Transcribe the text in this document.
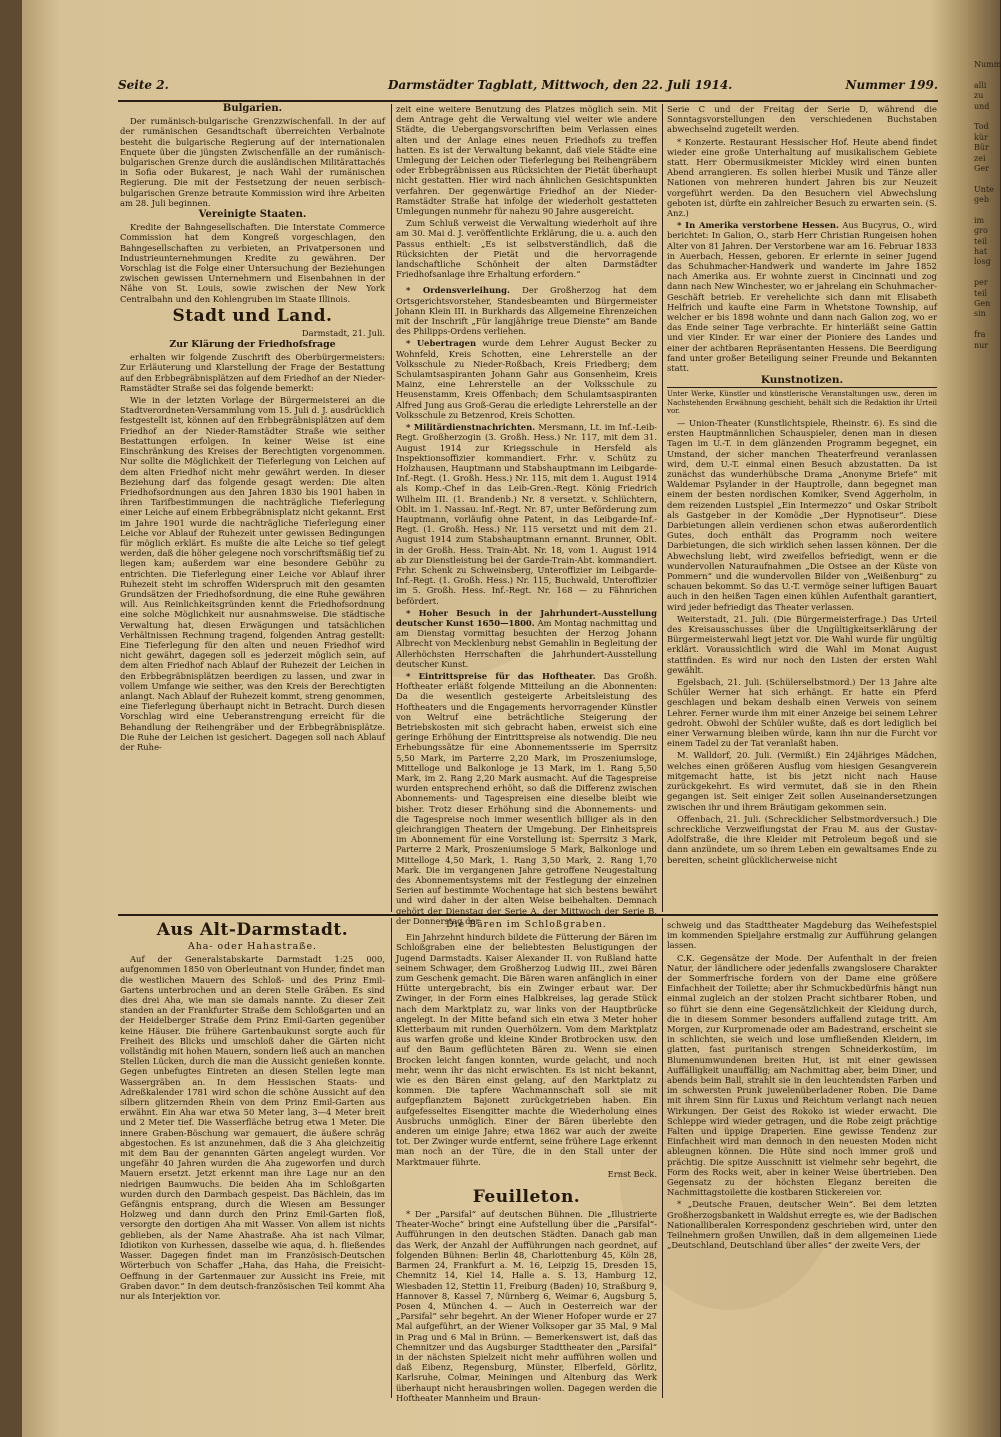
Seite 2.	Darmstädter Tagblatt, Mittwoch, den 22. Juli 1914.	Nummer 199.

Bulgarien.

Der rumänisch-bulgarische Grenzzwischenfall. In der auf der rumänischen Gesandtschaft überreichten Verbalnote besteht die bulgarische Regierung auf der internationalen Enquete über die jüngsten Zwischenfälle an der rumänisch-bulgarischen Grenze durch die ausländischen Militärattachés in Sofia oder Bukarest, je nach Wahl der rumänischen Regierung. Die mit der Festsetzung der neuen serbisch-bulgarischen Grenze betraute Kommission wird ihre Arbeiten am 28. Juli beginnen.

Vereinigte Staaten.

Kredite der Bahngesellschaften. Die Interstate Commerce Commission hat dem Kongreß vorgeschlagen, den Bahngesellschaften zu verbieten, an Privatpersonen und Industrieunternehmungen Kredite zu gewähren. Der Vorschlag ist die Folge einer Untersuchung der Beziehungen zwischen gewissen Unternehmern und Eisenbahnen in der Nähe von St. Louis, sowie zwischen der New York Centralbahn und den Kohlengruben im Staate Illinois.

Stadt und Land.

Darmstadt, 21. Juli.

Zur Klärung der Friedhofsfrage

erhalten wir folgende Zuschrift des Oberbürgermeisters: Zur Erläuterung und Klarstellung der Frage der Bestattung auf den Erbbegräbnisplätzen auf dem Friedhof an der Nieder-Ramstädter Straße sei das folgende bemerkt:

Wie in der letzten Vorlage der Bürgermeisterei an die Stadtverordneten-Versammlung vom 15. Juli d. J. ausdrücklich festgestellt ist, können auf den Erbbegräbnisplätzen auf dem Friedhof an der Nieder-Ramstädter Straße wie seither Bestattungen erfolgen. In keiner Weise ist eine Einschränkung des Kreises der Berechtigten vorgenommen. Nur sollte die Möglichkeit der Tieferlegung von Leichen auf dem alten Friedhof nicht mehr gewährt werden. In dieser Beziehung darf das folgende gesagt werden: Die alten Friedhofsordnungen aus den Jahren 1830 bis 1901 haben in ihren Tarifbestimmungen die nachträgliche Tieferlegung einer Leiche auf einem Erbbegräbnisplatz nicht gekannt. Erst im Jahre 1901 wurde die nachträgliche Tieferlegung einer Leiche vor Ablauf der Ruhezeit unter gewissen Bedingungen für möglich erklärt. Es mußte die alte Leiche so tief gelegt werden, daß die höher gelegene noch vorschriftsmäßig tief zu liegen kam; außerdem war eine besondere Gebühr zu entrichten. Die Tieferlegung einer Leiche vor Ablauf ihrer Ruhezeit steht im schroffen Widerspruch mit den gesamten Grundsätzen der Friedhofsordnung, die eine Ruhe gewähren will. Aus Reinlichkeitsgründen kennt die Friedhofsordnung eine solche Möglichkeit nur ausnahmsweise. Die städtische Verwaltung hat, diesen Erwägungen und tatsächlichen Verhältnissen Rechnung tragend, folgenden Antrag gestellt: Eine Tieferlegung für den alten und neuen Friedhof wird nicht gewährt, dagegen soll es jederzeit möglich sein, auf dem alten Friedhof nach Ablauf der Ruhezeit der Leichen in den Erbbegräbnisplätzen beerdigen zu lassen, und zwar in vollem Umfange wie seither, was den Kreis der Berechtigten anlangt. Nach Ablauf der Ruhezeit kommt, streng genommen, eine Tieferlegung überhaupt nicht in Betracht. Durch diesen Vorschlag wird eine Ueberanstrengung erreicht für die Behandlung der Reihengräber und der Erbbegräbnisplätze. Die Ruhe der Leichen ist gesichert. Dagegen soll nach Ablauf der Ruhe-

zeit eine weitere Benutzung des Platzes möglich sein. Mit dem Antrage geht die Verwaltung viel weiter wie andere Städte, die Uebergangsvorschriften beim Verlassen eines alten und der Anlage eines neuen Friedhofs zu treffen hatten. Es ist der Verwaltung bekannt, daß viele Städte eine Umlegung der Leichen oder Tieferlegung bei Reihengräbern oder Erbbegräbnissen aus Rücksichten der Pietät überhaupt nicht gestatten. Hier wird nach ähnlichen Gesichtspunkten verfahren. Der gegenwärtige Friedhof an der Nieder-Ramstädter Straße hat infolge der wiederholt gestatteten Umlegungen nunmehr für nahezu 90 Jahre ausgereicht.

Zum Schluß verweist die Verwaltung wiederholt auf ihre am 30. Mai d. J. veröffentlichte Erklärung, die u. a. auch den Passus enthielt: „Es ist selbstverständlich, daß die Rücksichten der Pietät und die hervorragende landschaftliche Schönheit der alten Darmstädter Friedhofsanlage ihre Erhaltung erfordern.“

* Ordensverleihung. Der Großherzog hat dem Ortsgerichtsvorsteher, Standesbeamten und Bürgermeister Johann Klein III. in Burkhards das Allgemeine Ehrenzeichen mit der Inschrift „Für langjährige treue Dienste“ am Bande des Philipps-Ordens verliehen.

* Uebertragen wurde dem Lehrer August Becker zu Wohnfeld, Kreis Schotten, eine Lehrerstelle an der Volksschule zu Nieder-Roßbach, Kreis Friedberg; dem Schulamtsaspiranten Johann Gahr aus Gonsenheim, Kreis Mainz, eine Lehrerstelle an der Volksschule zu Heusenstamm, Kreis Offenbach; dem Schulamtsaspiranten Alfred Jung aus Groß-Gerau die erledigte Lehrerstelle an der Volksschule zu Betzenrod, Kreis Schotten.

* Militärdienstnachrichten. Mersmann, Lt. im Inf.-Leib-Regt. Großherzogin (3. Großh. Hess.) Nr. 117, mit dem 31. August 1914 zur Kriegsschule in Hersfeld als Inspektionsoffizier kommandiert. Frhr. v. Schütz zu Holzhausen, Hauptmann und Stabshauptmann im Leibgarde-Inf.-Regt. (1. Großh. Hess.) Nr. 115, mit dem 1. August 1914 als Komp.-Chef in das Leib-Gren.-Regt. König Friedrich Wilhelm III. (1. Brandenb.) Nr. 8 versetzt. v. Schlüchtern, Oblt. im 1. Nassau. Inf.-Regt. Nr. 87, unter Beförderung zum Hauptmann, vorläufig ohne Patent, in das Leibgarde-Inf.-Regt. (1. Großh. Hess.) Nr. 115 versetzt und mit dem 21. August 1914 zum Stabshauptmann ernannt. Brunner, Oblt. in der Großh. Hess. Train-Abt. Nr. 18, vom 1. August 1914 ab zur Dienstleistung bei der Garde-Train-Abt. kommandiert. Frhr. Schenk zu Schweinsberg, Unteroffizier im Leibgarde-Inf.-Regt. (1. Großh. Hess.) Nr. 115, Buchwald, Unteroffizier im 5. Großh. Hess. Inf.-Regt. Nr. 168 — zu Fähnrichen befördert.

* Hoher Besuch in der Jahrhundert-Ausstellung deutscher Kunst 1650—1800. Am Montag nachmittag und am Dienstag vormittag besuchten der Herzog Johann Albrecht von Mecklenburg nebst Gemahlin in Begleitung der Allerhöchsten Herrschaften die Jahrhundert-Ausstellung deutscher Kunst.

* Eintrittspreise für das Hoftheater. Das Großh. Hoftheater erläßt folgende Mitteilung an die Abonnenten: Da die wesentlich gesteigerte Arbeitsleistung des Hoftheaters und die Engagements hervorragender Künstler von Weltruf eine beträchtliche Steigerung der Betriebskosten mit sich gebracht haben, erweist sich eine geringe Erhöhung der Eintrittspreise als notwendig. Die neu Erhebungssätze für eine Abonnementsserie im Sperrsitz 5,50 Mark, im Parterre 2,20 Mark, im Proszeniumsloge, Mittelloge und Balkonloge je 13 Mark, im 1. Rang 5,50 Mark, im 2. Rang 2,20 Mark ausmacht. Auf die Tagespreise wurden entsprechend erhöht, so daß die Differenz zwischen Abonnements- und Tagespreisen eine dieselbe bleibt wie bisher. Trotz dieser Erhöhung sind die Abonnements- und die Tagespreise noch immer wesentlich billiger als in den gleichrangigen Theatern der Umgebung. Der Einheitspreis im Abonnement für eine Vorstellung ist: Sperrsitz 3 Mark, Parterre 2 Mark, Proszeniumsloge 5 Mark, Balkonloge und Mittelloge 4,50 Mark, 1. Rang 3,50 Mark, 2. Rang 1,70 Mark. Die im vergangenen Jahre getroffene Neugestaltung des Abonnementsystems mit der Festlegung der einzelnen Serien auf bestimmte Wochentage hat sich bestens bewährt und wird daher in der alten Weise beibehalten. Demnach gehört der Dienstag der Serie A, der Mittwoch der Serie B, der Donnerstag der

Serie C und der Freitag der Serie D, während die Sonntagsvorstellungen den verschiedenen Buchstaben abwechselnd zugeteilt werden.

* Konzerte. Restaurant Hessischer Hof. Heute abend findet wieder eine große Unterhaltung auf musikalischem Gebiete statt. Herr Obermusikmeister Mickley wird einen bunten Abend arrangieren. Es sollen hierbei Musik und Tänze aller Nationen von mehreren hundert Jahren bis zur Neuzeit vorgeführt werden. Da den Besuchern viel Abwechslung geboten ist, dürfte ein zahlreicher Besuch zu erwarten sein. (S. Anz.)

* In Amerika verstorbene Hessen. Aus Bucyrus, O., wird berichtet: In Galion, O., starb Herr Christian Rungeisen hohen Alter von 81 Jahren. Der Verstorbene war am 16. Februar 1833 in Auerbach, Hessen, geboren. Er erlernte in seiner Jugend das Schuhmacher-Handwerk und wanderte im Jahre 1852 nach Amerika aus. Er wohnte zuerst in Cincinnati und zog dann nach New Winchester, wo er jahrelang ein Schuhmacher-Geschäft betrieb. Er verehelichte sich dann mit Elisabeth Helfrich und kaufte eine Farm in Whetstone Township, auf welcher er bis 1898 wohnte und dann nach Galion zog, wo er das Ende seiner Tage verbrachte. Er hinterläßt seine Gattin und vier Kinder. Er war einer der Pioniere des Landes und einer der achtbaren Repräsentanten Hessens. Die Beerdigung fand unter großer Beteiligung seiner Freunde und Bekannten statt.

Kunstnotizen.

Unter Werke, Künstler und künstlerische Veranstaltungen usw., deren im Nachstehenden Erwähnung geschieht, behält sich die Redaktion ihr Urteil vor.

— Union-Theater (Kunstlichtspiele, Rheinstr. 6). Es sind die ersten Hauptmännlichen Schauspieler, denen man in diesen Tagen im U.-T. in dem glänzenden Programm begegnet, ein Umstand, der sicher manchen Theaterfreund veranlassen wird, dem U.-T. einmal einen Besuch abzustatten. Da ist zunächst das wunderhübsche Drama „Anonyme Briefe“ mit Waldemar Psylander in der Hauptrolle, dann begegnet man einem der besten nordischen Komiker, Svend Aggerholm, in dem reizenden Lustspiel „Ein Intermezzo“ und Oskar Stribolt als Gastgeber in der Komödie „Der Hypnotiseur“. Diese Darbietungen allein verdienen schon etwas außerordentlich Gutes, doch enthält das Programm noch weitere Darbietungen, die sich wirklich sehen lassen können. Der die Abwechslung liebt, wird zweifellos befriedigt, wenn er die wundervollen Naturaufnahmen „Die Ostsee an der Küste von Pommern“ und die wundervollen Bilder von „Weißenburg“ zu schauen bekommt. So das U.-T. vermöge seiner luftigen Bauart auch in den heißen Tagen einen kühlen Aufenthalt garantiert, wird jeder befriedigt das Theater verlassen.

Weiterstadt, 21. Juli. (Die Bürgermeisterfrage.) Das Urteil des Kreisausschusses über die Ungültigkeitserklärung der Bürgermeisterwahl liegt jetzt vor. Die Wahl wurde für ungültig erklärt. Voraussichtlich wird die Wahl im Monat August stattfinden. Es wird nur noch den Listen der ersten Wahl gewählt.

Egelsbach, 21. Juli. (Schülerselbstmord.) Der 13 Jahre alte Schüler Werner hat sich erhängt. Er hatte ein Pferd geschlagen und bekam deshalb einen Verweis von seinem Lehrer. Ferner wurde ihm mit einer Anzeige bei seinem Lehrer gedroht. Obwohl der Schüler wußte, daß es dort lediglich bei einer Verwarnung bleiben würde, kann ihn nur die Furcht vor einem Tadel zu der Tat veranlaßt haben.

M. Walldorf, 20. Juli. (Vermißt.) Ein 24jähriges Mädchen, welches einen größeren Ausflug vom hiesigen Gesangverein mitgemacht hatte, ist bis jetzt nicht nach Hause zurückgekehrt. Es wird vermutet, daß sie in den Rhein gegangen ist. Seit einiger Zeit sollen Auseinandersetzungen zwischen ihr und ihrem Bräutigam gekommen sein.

Offenbach, 21. Juli. (Schrecklicher Selbstmordversuch.) Die schreckliche Verzweiflungstat der Frau M. aus der Gustav-Adolfstraße, die ihre Kleider mit Petroleum begoß und sie dann anzündete, um so ihrem Leben ein gewaltsames Ende zu bereiten, scheint glücklicherweise nicht

Aus Alt-Darmstadt.

Aha- oder Hahastraße.

Auf der Generalstabskarte Darmstadt 1:25 000, aufgenommen 1850 von Oberleutnant von Hunder, findet man die westlichen Mauern des Schloß- und des Prinz Emil-Gartens unterbrochen und an deren Stelle Gräben. Es sind dies drei Aha, wie man sie damals nannte. Zu dieser Zeit standen an der Frankfurter Straße dem Schloßgarten und an der Heidelberger Straße dem Prinz Emil-Garten gegenüber keine Häuser. Die frühere Gartenbaukunst sorgte auch für Freiheit des Blicks und umschloß daher die Gärten nicht vollständig mit hohen Mauern, sondern ließ auch an manchen Stellen Lücken, durch die man die Aussicht genießen konnte. Gegen unbefugtes Eintreten an diesen Stellen legte man Wassergräben an. In dem Hessischen Staats- und Adreßkalender 1781 wird schon die schöne Aussicht auf den silbern glitzernden Rhein von dem Prinz Emil-Garten aus erwähnt. Ein Aha war etwa 50 Meter lang, 3—4 Meter breit und 2 Meter tief. Die Wasserfläche betrug etwa 1 Meter. Die innere Graben-Böschung war gemauert, die äußere schräg abgestochen. Es ist anzunehmen, daß die 3 Aha gleichzeitig mit dem Bau der genannten Gärten angelegt wurden. Vor ungefähr 40 Jahren wurden die Aha zugeworfen und durch Mauern ersetzt. Jetzt erkennt man ihre Lage nur an den niedrigen Baumwuchs. Die beiden Aha im Schloßgarten wurden durch den Darmbach gespeist. Das Bächlein, das im Gefängnis entsprang, durch die Wiesen am Bessunger Holzweg und dann durch den Prinz Emil-Garten floß, versorgte den dortigen Aha mit Wasser. Von allem ist nichts geblieben, als der Name Ahastraße. Aha ist nach Vilmar, Idiotikon von Kurhessen, dasselbe wie aqua, d. h. fließendes Wasser. Dagegen findet man im Französisch-Deutschen Wörterbuch von Schaffer „Haha, das Haha, die Freisicht-Oeffnung in der Gartenmauer zur Aussicht ins Freie, mit Graben davor.“ In dem deutsch-französischen Teil kommt Aha nur als Interjektion vor.

Die Bären im Schloßgraben.

Ein Jahrzehnt hindurch bildete die Fütterung der Bären im Schloßgraben eine der beliebtesten Belustigungen der Jugend Darmstadts. Kaiser Alexander II. von Rußland hatte seinem Schwager, dem Großherzog Ludwig III., zwei Bären zum Geschenk gemacht. Die Bären waren anfänglich in einer Hütte untergebracht, bis ein Zwinger erbaut war. Der Zwinger, in der Form eines Halbkreises, lag gerade Stück nach dem Marktplatz zu, war links von der Hauptbrücke angelegt. In der Mitte befand sich ein etwa 3 Meter hoher Kletterbaum mit runden Querhölzern. Vom dem Marktplatz aus warfen große und kleine Kinder Brotbrocken usw. den auf den Baum geflüchteten Bären zu. Wenn sie einen Brocken leicht fangen konnten, wurde gelacht, und noch mehr, wenn ihr das nicht erwischten. Es ist nicht bekannt, wie es den Bären einst gelang, auf den Marktplatz zu kommen. Die tapfere Wachmannschaft soll sie mit aufgepflanztem Bajonett zurückgetrieben haben. Ein aufgefesseltes Eisengitter machte die Wiederholung eines Ausbruchs unmöglich. Einer der Bären überlebte den anderen um einige Jahre; etwa 1862 war auch der zweite tot. Der Zwinger wurde entfernt, seine frühere Lage erkennt man noch an der Türe, die in den Stall unter der Marktmauer führte.

Ernst Beck.

Feuilleton.

* Der „Parsifal“ auf deutschen Bühnen. Die „Illustrierte Theater-Woche“ bringt eine Aufstellung über die „Parsifal“-Aufführungen in den deutschen Städten. Danach gab man das Werk, der Anzahl der Aufführungen nach geordnet, auf folgenden Bühnen: Berlin 48, Charlottenburg 45, Köln 28, Barmen 24, Frankfurt a. M. 16, Leipzig 15, Dresden 15, Chemnitz 14, Kiel 14, Halle a. S. 13, Hamburg 12, Wiesbaden 12, Stettin 11, Freiburg (Baden) 10, Straßburg 9, Hannover 8, Kassel 7, Nürnberg 6, Weimar 6, Augsburg 5, Posen 4, München 4. — Auch in Oesterreich war der „Parsifal“ sehr begehrt. An der Wiener Hofoper wurde er 27 Mal aufgeführt, an der Wiener Volksoper gar 35 Mal, 9 Mal in Prag und 6 Mal in Brünn. — Bemerkenswert ist, daß das Chemnitzer und das Augsburger Stadttheater den „Parsifal“ in der nächsten Spielzeit nicht mehr aufführen wollen und daß Eibenz, Regensburg, Münster, Elberfeld, Görlitz, Karlsruhe, Colmar, Meiningen und Altenburg das Werk überhaupt nicht herausbringen wollen. Dagegen werden die Hoftheater Mannheim und Braun-

schweig und das Stadttheater Magdeburg das Weihefestspiel im kommenden Spieljahre erstmalig zur Aufführung gelangen lassen.

C.K. Gegensätze der Mode. Der Aufenthalt in der freien Natur, der ländlichere oder jedenfalls zwangslosere Charakter der Sommerfrische fordern von der Dame eine größere Einfachheit der Toilette; aber ihr Schmuckbedürfnis hängt nun einmal zugleich an der stolzen Pracht sichtbarer Roben, und so führt sie denn eine Gegensätzlichkeit der Kleidung durch, die in diesem Sommer besonders auffallend zutage tritt. Am Morgen, zur Kurpromenade oder am Badestrand, erscheint sie in schlichten, sie weich und lose umfließenden Kleidern, im glatten, fast puritanisch strengen Schneiderkostüm, im Blumenumwundenen breiten Hut, ist mit einer gewissen Auffälligkeit unauffällig; am Nachmittag aber, beim Diner, und abends beim Ball, strahlt sie in den leuchtendsten Farben und im schwersten Prunk juwelenüberladener Roben. Die Dame mit ihrem Sinn für Luxus und Reichtum verlangt nach neuen Wirkungen. Der Geist des Rokoko ist wieder erwacht. Die Schleppe wird wieder getragen, und die Robe zeigt prächtige Falten und üppige Draperien. Eine gewisse Tendenz zur Einfachheit wird man dennoch in den neuesten Moden nicht ableugnen können. Die Hüte sind noch immer groß und prächtig. Die spitze Ausschnitt ist vielmehr sehr begehrt, die Form des Rocks weit, aber in keiner Weise übertrieben. Den Gegensatz zu der höchsten Eleganz bereiten die Nachmittagstoilette die kostbaren Stickereien vor.

* „Deutsche Frauen, deutscher Wein“. Bei dem letzten Großherzogsbankett in Waldshut erregte es, wie der Badischen Nationalliberalen Korrespondenz geschrieben wird, unter den Teilnehmern großen Unwillen, daß in dem allgemeinen Liede „Deutschland, Deutschland über alles“ der zweite Vers, der

Numm

alli
zu
und

Tod
kür
Bür
zei
Ger

Unte
geb

im
gro
teil
hat
losg

per
teil
Gen
sin

fra
nur
